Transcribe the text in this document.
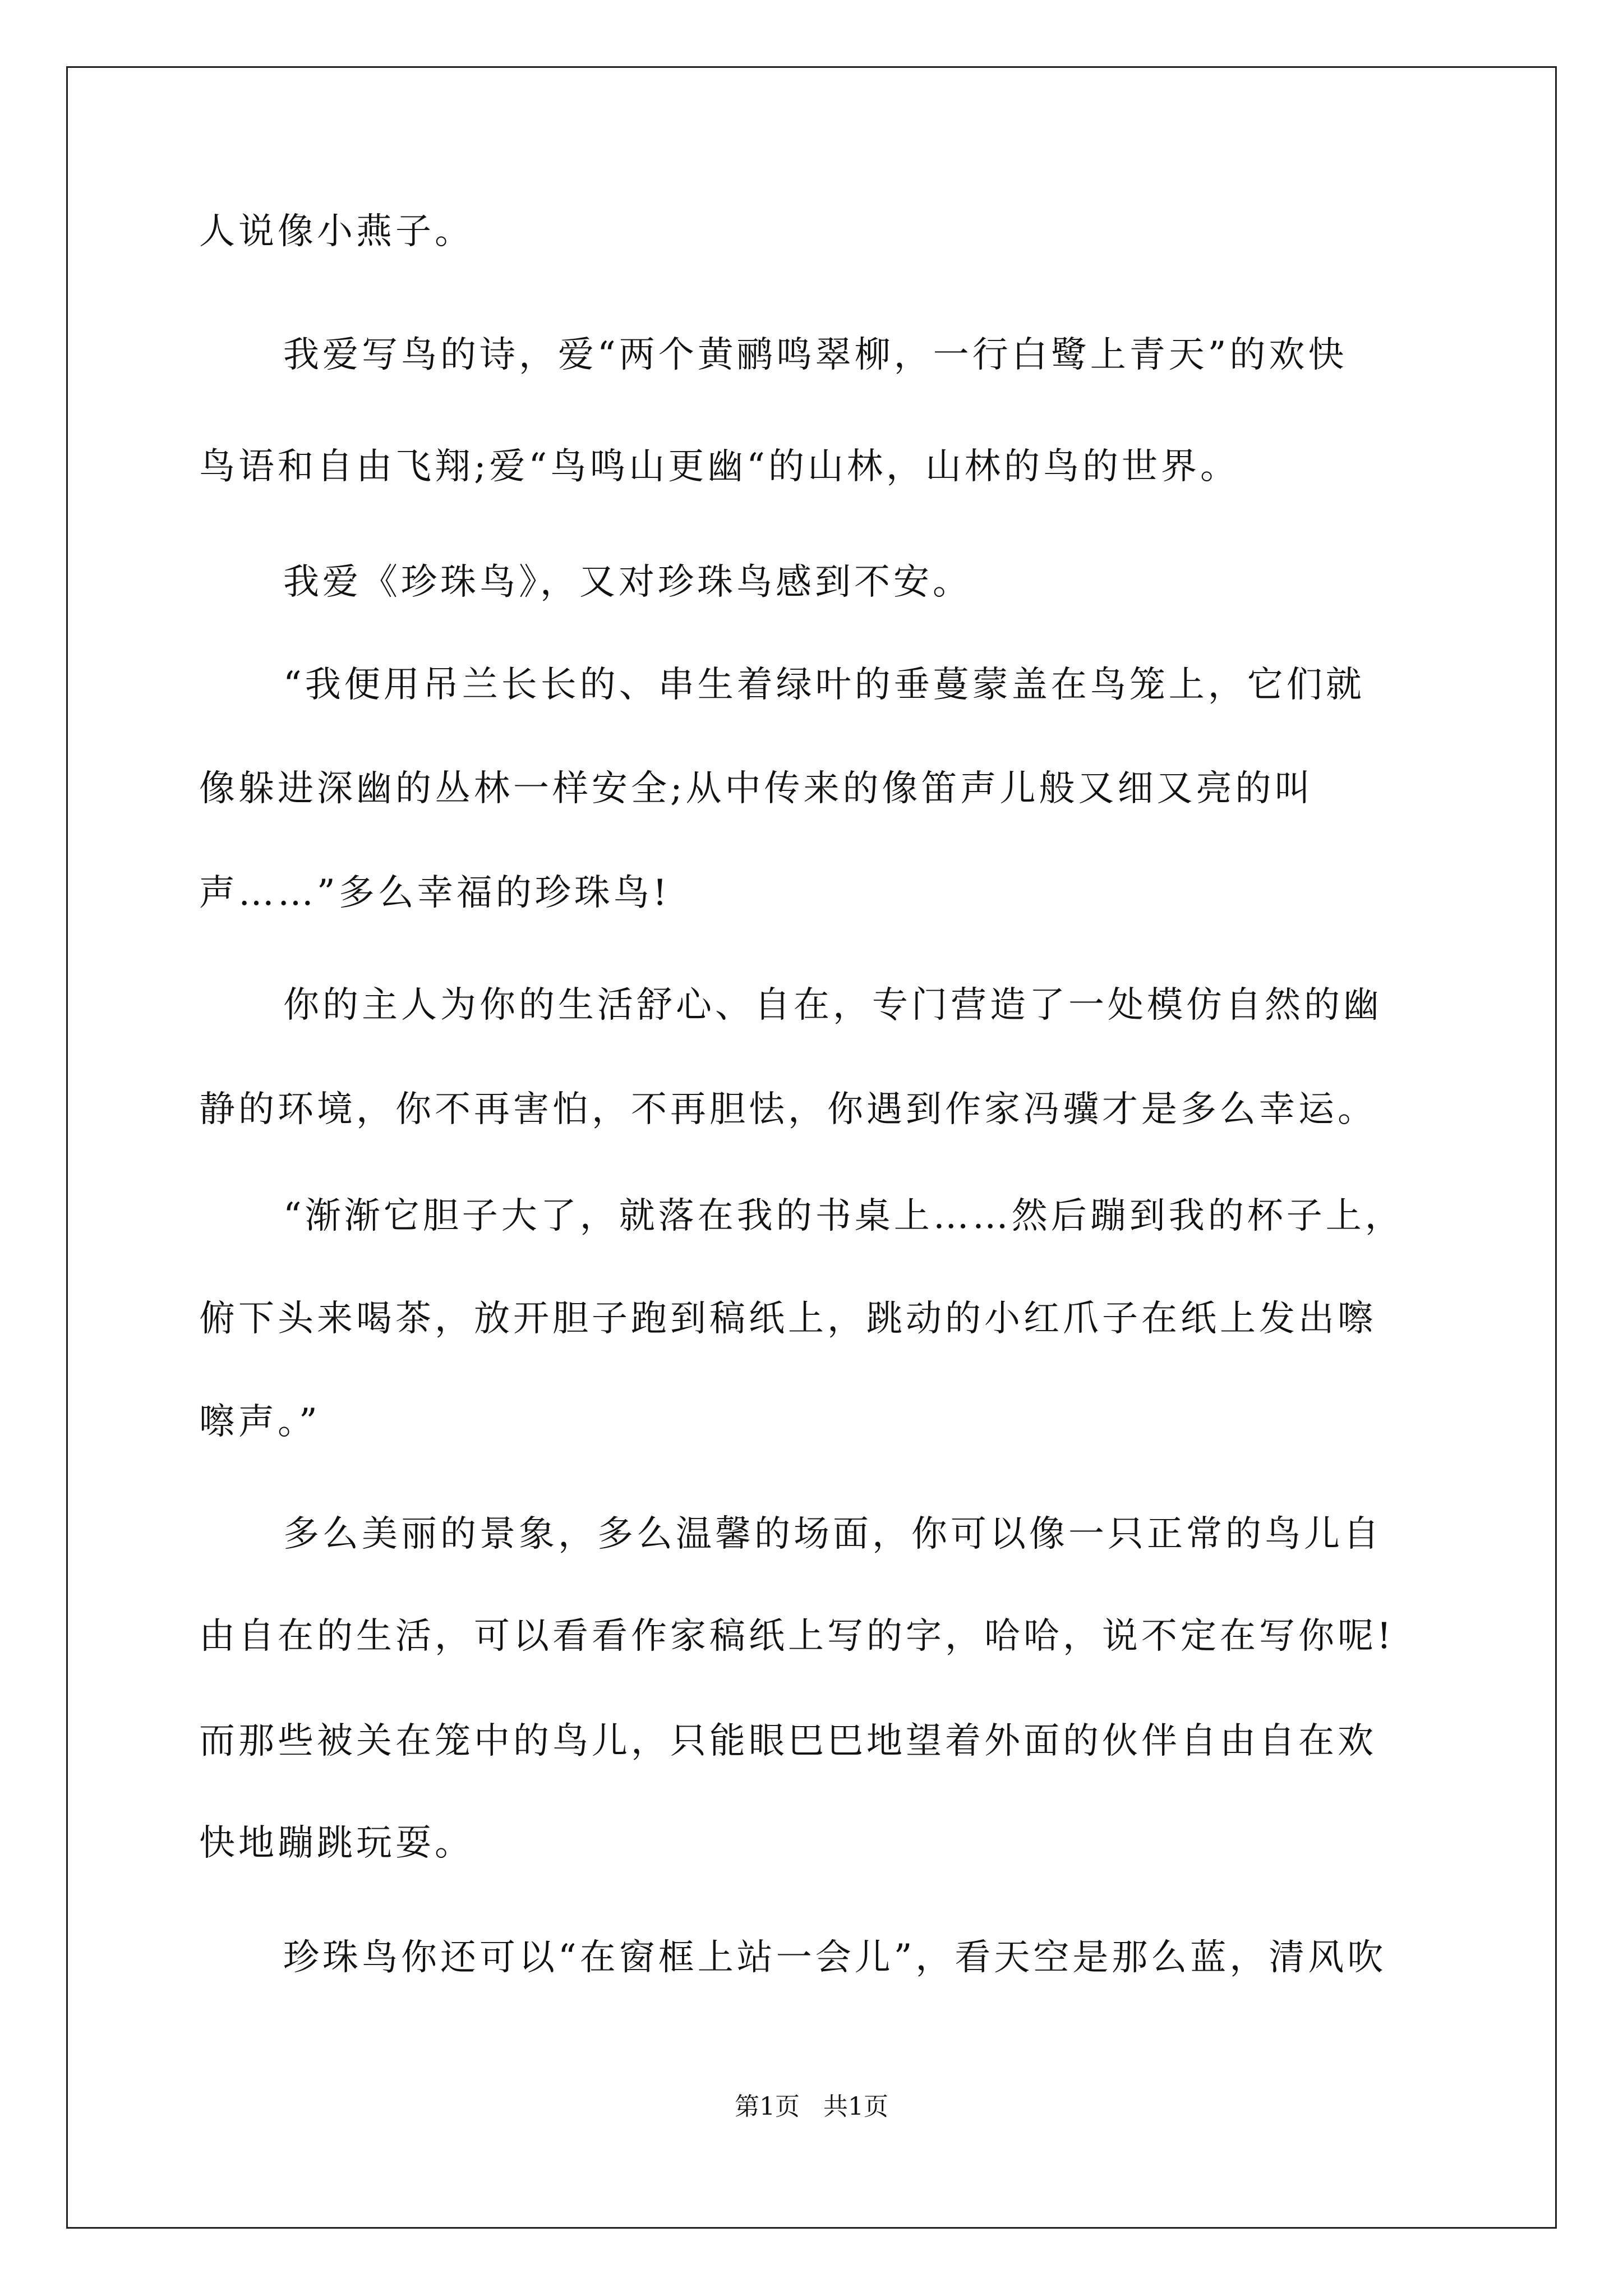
人说像小燕子。
我爱写鸟的诗，爱“两个黄鹂鸣翠柳，一行白鹭上青天”的欢快
鸟语和自由飞翔;爱“鸟鸣山更幽“的山林，山林的鸟的世界。
我爱《珍珠鸟》，又对珍珠鸟感到不安。
“我便用吊兰长长的、串生着绿叶的垂蔓蒙盖在鸟笼上，它们就
像躲进深幽的丛林一样安全;从中传来的像笛声儿般又细又亮的叫
声……”多么幸福的珍珠鸟!
你的主人为你的生活舒心、自在，专门营造了一处模仿自然的幽
静的环境，你不再害怕，不再胆怯，你遇到作家冯骥才是多么幸运。
“渐渐它胆子大了，就落在我的书桌上……然后蹦到我的杯子上，
俯下头来喝茶，放开胆子跑到稿纸上，跳动的小红爪子在纸上发出嚓
嚓声。”
多么美丽的景象，多么温馨的场面，你可以像一只正常的鸟儿自
由自在的生活，可以看看作家稿纸上写的字，哈哈，说不定在写你呢!
而那些被关在笼中的鸟儿，只能眼巴巴地望着外面的伙伴自由自在欢
快地蹦跳玩耍。
珍珠鸟你还可以“在窗框上站一会儿”，看天空是那么蓝，清风吹
第1页   共1页
